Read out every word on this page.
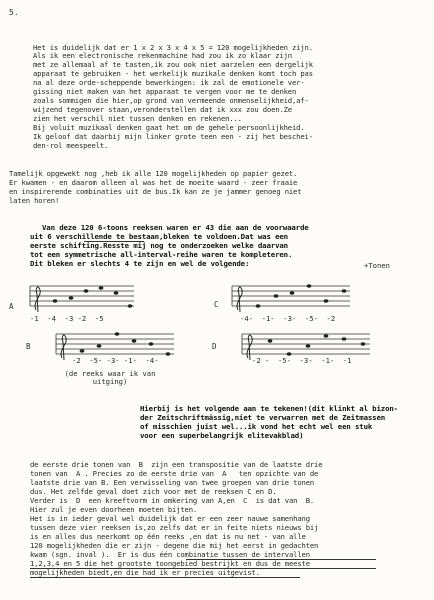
5.
Het is duidelijk dat er 1 x 2 x 3 x 4 x 5 = 120 mogelijkheden zijn.
Als ik een electronische rekenmachine had zou ik zo klaar zijn
met ze allemaal af te tasten,ik zou ook niet aarzelen een dergelijk
apparaat te gebruiken - het werkelijk muzikale denken komt toch pas
na al deze orde-scheppende bewerkingen: ik zal de emotionele ver-
gissing niet maken van het apparaat te vergen voor me te denken
zoals sommigen die hier,op grond van vermeende onmenselijkheid,af-
wijzend tegenover staan,veronderstellen dat ik xxx zou doen.Ze
zien het verschil niet tussen denken en rekenen...
Bij voluit muzikaal denken gaat het om de gehele persoonlijkheid.
Ik geloof dat daarbij mijn linker grote teen een - zij het beschei-
den-rol meespeelt.
Tamelijk opgewekt nog ,heb ik alle 120 mogelijkheden op papier gezet.
Er kwamen - en daarom alleen al was het de moeite waard - zeer fraaie
en inspirerende combinaties uit de bus.Ik kan ze je jammer genoeg niet
laten horen!
Van deze 120 6-toons reeksen waren er 43 die aan de voorwaarde
uit 6 verschillende te bestaan,bleken te voldoen.Dat was een
eerste schifting.Resste mij nog te onderzoeken welke daarvan
tot een symmetrische all-interval-reihe waren te kompleteren.
Dit bleken er slechts 4 te zijn en wel de volgende:	+Tonen
A
-1  -4  -3 -2  -5
C
-4-  -1-  -3-  -5-  -2
B
-2  -5- -3- -1-  -4-
D
-2 -  -5-  -3-  -1-  -1
(de reeks waar ik van
uitging)
Hierbij is het volgende aan te tekenen!(dit klinkt al bizon-
der Zeitschriftmässig,niet te verwarren met de Zeitmassen
of misschien juist wel...ik vond het echt wel een stuk
voor een superbelangrijk elitevakblad)
de eerste drie tonen van  B  zijn een transpositie van de laatste drie
tonen van  A . Precies zo de eerste drie van  A   ten opzichte van de
laatste drie van B. Een verwisseling van twee groepen van drie tonen
dus. Het zelfde geval doet zich voor met de reeksen C en D.
Verder is  D  een kreeftvorm in omkering van A,en  C  is dat van  B.
Hier zul je even doorheen moeten bijten.
Het is in ieder geval wel duidelijk dat er een zeer nauwe samenhang
tussen deze vier reeksen is,zo zelfs dat er in feite niets nieuws bij
is en alles dus neerkomt op één reeks ,en dat is nu net - van alle
120 mogelijkheden die er zijn - degene die mij het eerst in gedachten
kwam (sgn. inval ).  Er is dus één combinatie tussen de intervallen
1,2,3,4 en 5 die het grootste toongebied bestrijkt en dus de meeste
mogelijkheden biedt,en die had ik er precies uitgevist.
